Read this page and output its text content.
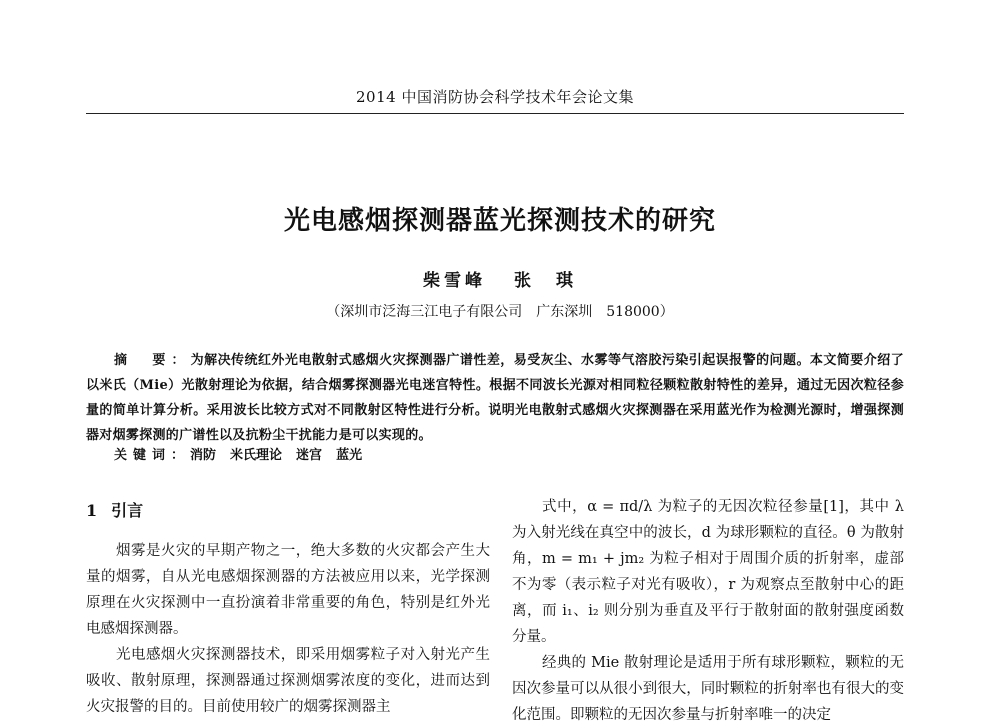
2014 中国消防协会科学技术年会论文集
光电感烟探测器蓝光探测技术的研究
柴雪峰 张　琪
（深圳市泛海三江电子有限公司　广东深圳　518000）
摘　要：为解决传统红外光电散射式感烟火灾探测器广谱性差，易受灰尘、水雾等气溶胶污染引起误报警的问题。本文简要介绍了以米氏（Mie）光散射理论为依据，结合烟雾探测器光电迷宫特性。根据不同波长光源对相同粒径颗粒散射特性的差异，通过无因次粒径参量的简单计算分析。采用波长比较方式对不同散射区特性进行分析。说明光电散射式感烟火灾探测器在采用蓝光作为检测光源时，增强探测器对烟雾探测的广谱性以及抗粉尘干扰能力是可以实现的。
关键词：消防 米氏理论 迷宫 蓝光
1 引言

烟雾是火灾的早期产物之一，绝大多数的火灾都会产生大量的烟雾，自从光电感烟探测器的方法被应用以来，光学探测原理在火灾探测中一直扮演着非常重要的角色，特别是红外光电感烟探测器。

光电感烟火灾探测器技术，即采用烟雾粒子对入射光产生吸收、散射原理，探测器通过探测烟雾浓度的变化，进而达到火灾报警的目的。目前使用较广的烟雾探测器主

式中，α = πd/λ 为粒子的无因次粒径参量[1]，其中 λ 为入射光线在真空中的波长，d 为球形颗粒的直径。θ 为散射角，m = m₁ + jm₂ 为粒子相对于周围介质的折射率，虚部不为零（表示粒子对光有吸收），r 为观察点至散射中心的距离，而 i₁、i₂ 则分别为垂直及平行于散射面的散射强度函数分量。

经典的 Mie 散射理论是适用于所有球形颗粒，颗粒的无因次参量可以从很小到很大，同时颗粒的折射率也有很大的变化范围。即颗粒的无因次参量与折射率唯一的决定
